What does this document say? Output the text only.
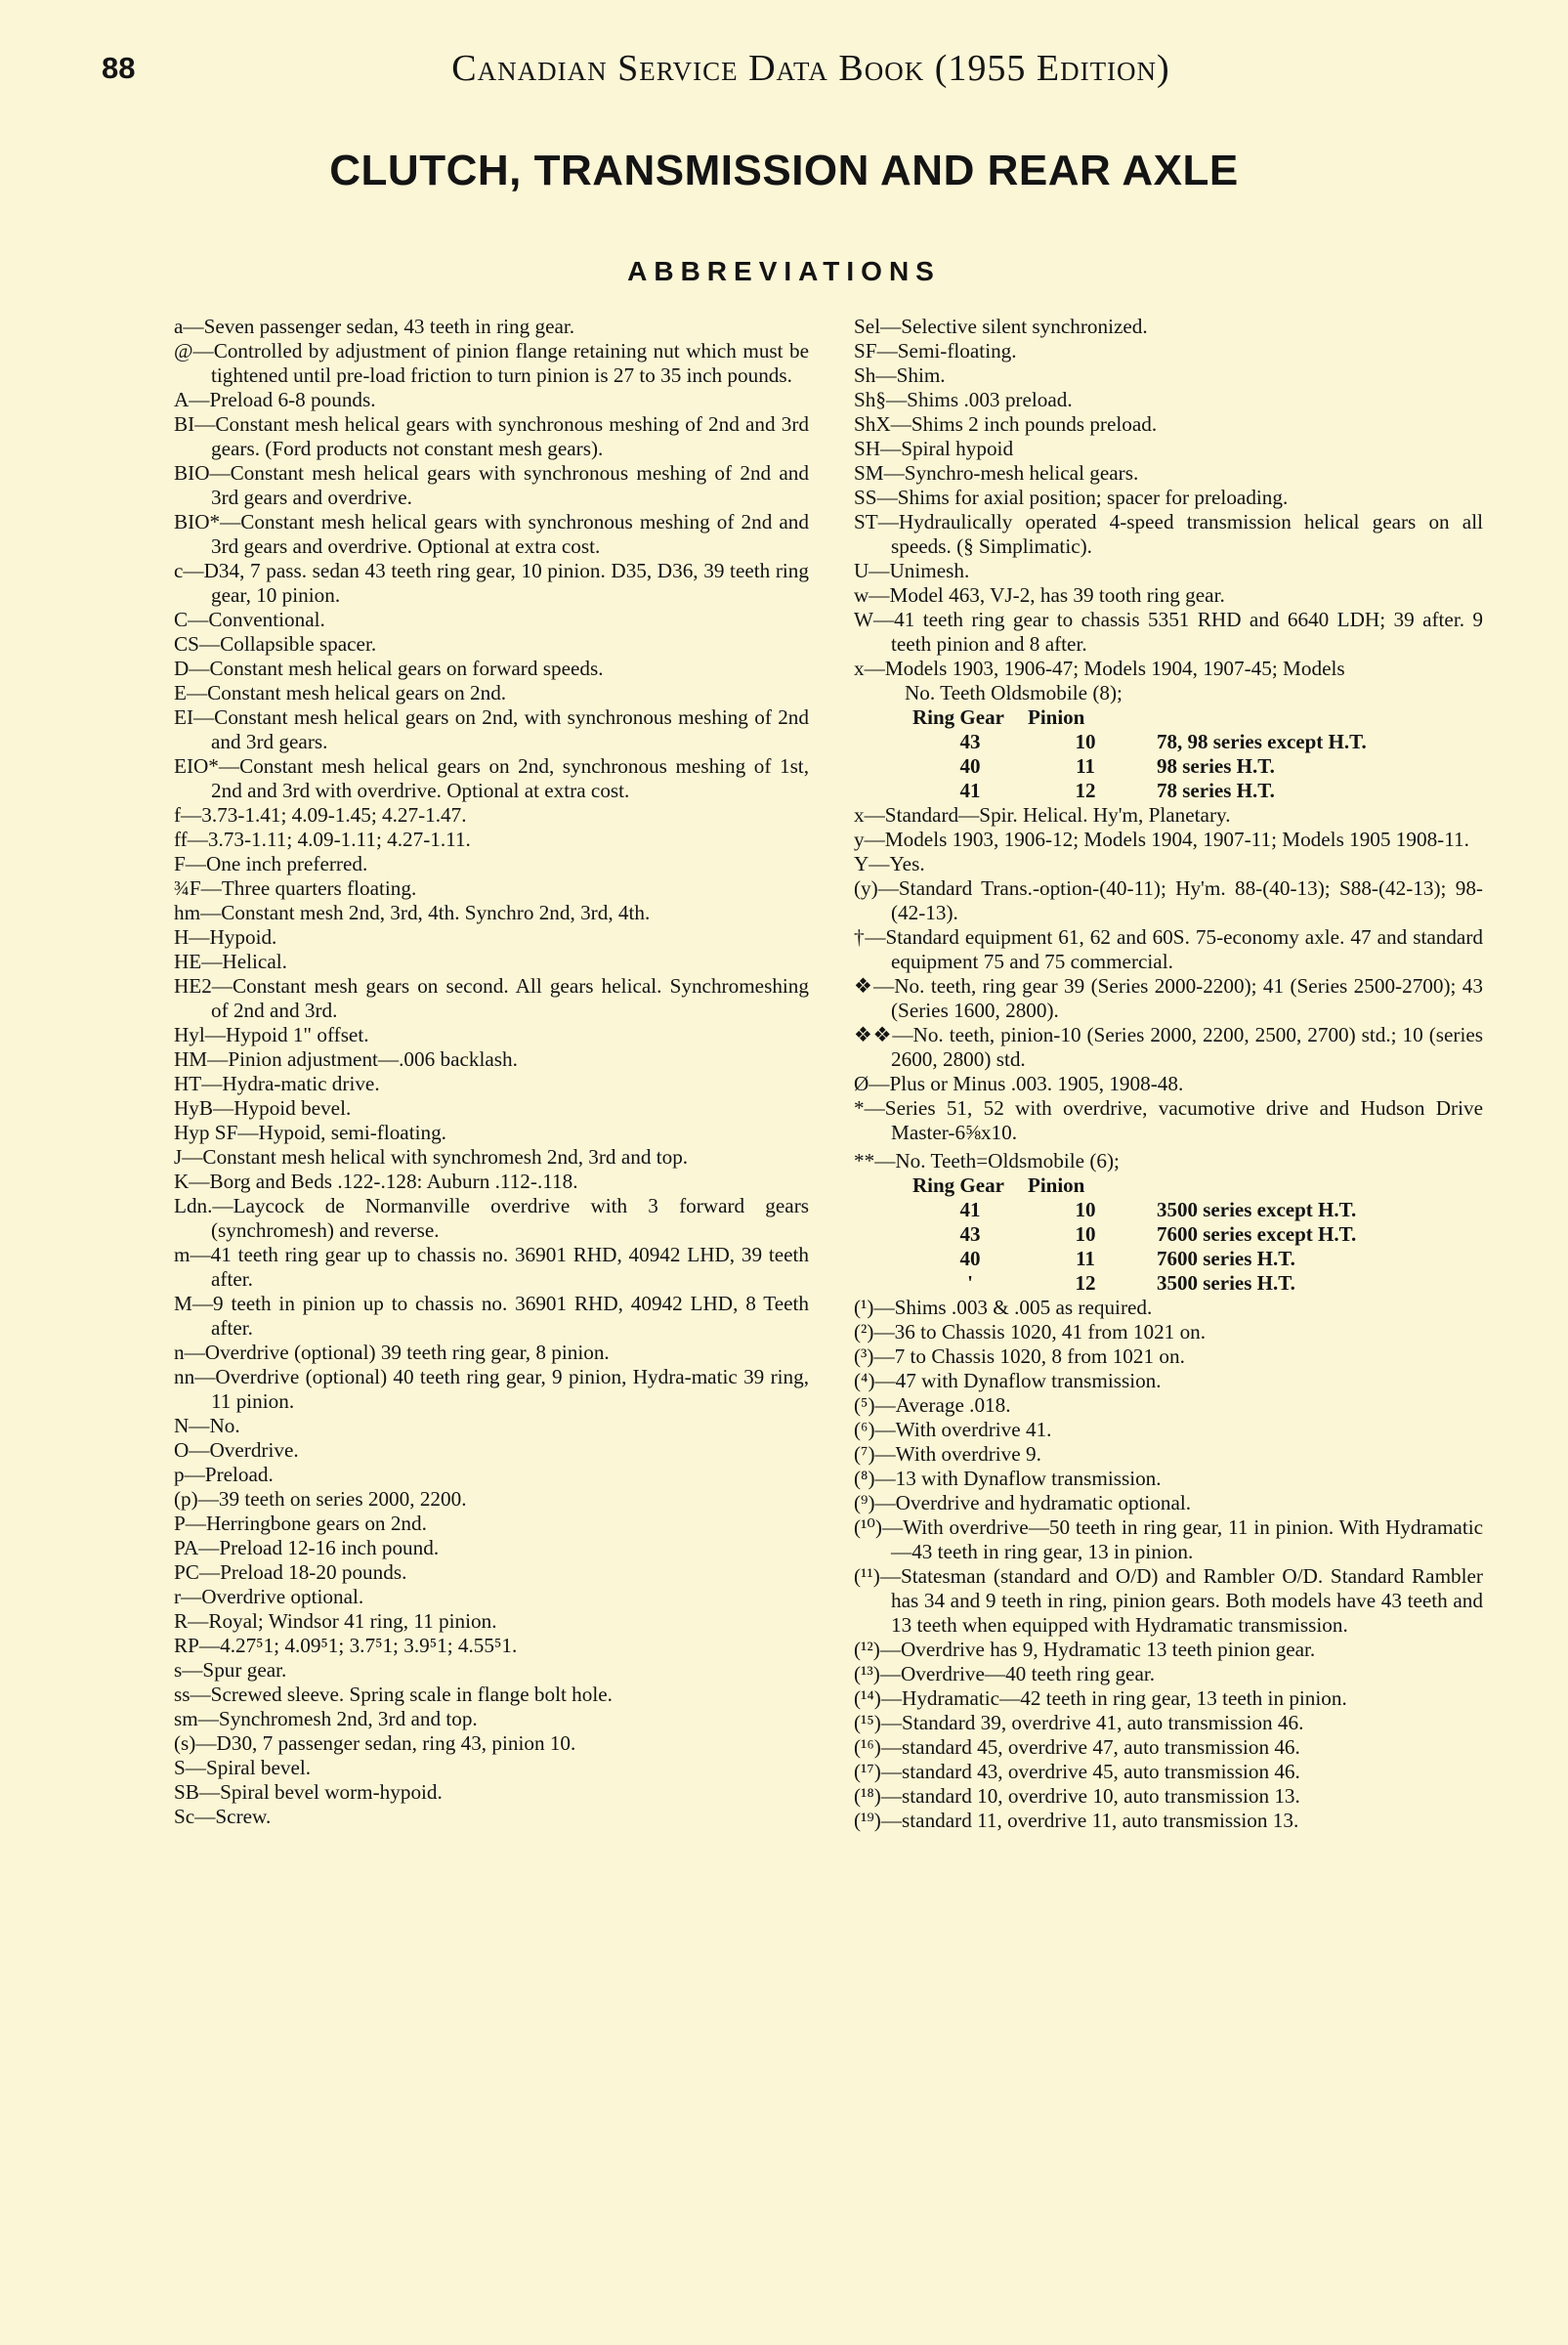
88	Canadian Service Data Book (1955 Edition)
CLUTCH, TRANSMISSION AND REAR AXLE
ABBREVIATIONS

a—Seven passenger sedan, 43 teeth in ring gear.

@—Controlled by adjustment of pinion flange retaining nut which must be tightened until pre-load friction to turn pinion is 27 to 35 inch pounds.

A—Preload 6-8 pounds.

BI—Constant mesh helical gears with synchronous meshing of 2nd and 3rd gears. (Ford products not constant mesh gears).

BIO—Constant mesh helical gears with synchronous meshing of 2nd and 3rd gears and overdrive.

BIO*—Constant mesh helical gears with synchronous meshing of 2nd and 3rd gears and overdrive. Optional at extra cost.

c—D34, 7 pass. sedan 43 teeth ring gear, 10 pinion. D35, D36, 39 teeth ring gear, 10 pinion.

C—Conventional.

CS—Collapsible spacer.

D—Constant mesh helical gears on forward speeds.

E—Constant mesh helical gears on 2nd.

EI—Constant mesh helical gears on 2nd, with synchronous meshing of 2nd and 3rd gears.

EIO*—Constant mesh helical gears on 2nd, synchronous meshing of 1st, 2nd and 3rd with overdrive. Optional at extra cost.

f—3.73-1.41; 4.09-1.45; 4.27-1.47.

ff—3.73-1.11; 4.09-1.11; 4.27-1.11.

F—One inch preferred.

¾F—Three quarters floating.

hm—Constant mesh 2nd, 3rd, 4th. Synchro 2nd, 3rd, 4th.

H—Hypoid.

HE—Helical.

HE2—Constant mesh gears on second. All gears helical. Synchromeshing of 2nd and 3rd.

Hyl—Hypoid 1" offset.

HM—Pinion adjustment—.006 backlash.

HT—Hydra-matic drive.

HyB—Hypoid bevel.

Hyp SF—Hypoid, semi-floating.

J—Constant mesh helical with synchromesh 2nd, 3rd and top.

K—Borg and Beds .122-.128: Auburn .112-.118.

Ldn.—Laycock de Normanville overdrive with 3 forward gears (synchromesh) and reverse.

m—41 teeth ring gear up to chassis no. 36901 RHD, 40942 LHD, 39 teeth after.

M—9 teeth in pinion up to chassis no. 36901 RHD, 40942 LHD, 8 Teeth after.

n—Overdrive (optional) 39 teeth ring gear, 8 pinion.

nn—Overdrive (optional) 40 teeth ring gear, 9 pinion, Hydra-matic 39 ring, 11 pinion.

N—No.

O—Overdrive.

p—Preload.

(p)—39 teeth on series 2000, 2200.

P—Herringbone gears on 2nd.

PA—Preload 12-16 inch pound.

PC—Preload 18-20 pounds.

r—Overdrive optional.

R—Royal; Windsor 41 ring, 11 pinion.

RP—4.27⁵1; 4.09⁵1; 3.7⁵1; 3.9⁵1; 4.55⁵1.

s—Spur gear.

ss—Screwed sleeve. Spring scale in flange bolt hole.

sm—Synchromesh 2nd, 3rd and top.

(s)—D30, 7 passenger sedan, ring 43, pinion 10.

S—Spiral bevel.

SB—Spiral bevel worm-hypoid.

Sc—Screw.

Sel—Selective silent synchronized.

SF—Semi-floating.

Sh—Shim.

Sh§—Shims .003 preload.

ShX—Shims 2 inch pounds preload.

SH—Spiral hypoid

SM—Synchro-mesh helical gears.

SS—Shims for axial position; spacer for preloading.

ST—Hydraulically operated 4-speed transmission helical gears on all speeds. (§ Simplimatic).

U—Unimesh.

w—Model 463, VJ-2, has 39 tooth ring gear.

W—41 teeth ring gear to chassis 5351 RHD and 6640 LDH; 39 after. 9 teeth pinion and 8 after.

x—Models 1903, 1906-47; Models 1904, 1907-45; Models

No. Teeth Oldsmobile (8);

Ring Gear	Pinion	
43	10	78, 98 series except H.T.
40	11	98 series H.T.
41	12	78 series H.T.

x—Standard—Spir. Helical. Hy'm, Planetary.

y—Models 1903, 1906-12; Models 1904, 1907-11; Models 1905 1908-11.

Y—Yes.

(y)—Standard Trans.-option-(40-11); Hy'm. 88-(40-13); S88-(42-13); 98-(42-13).

†—Standard equipment 61, 62 and 60S. 75-economy axle. 47 and standard equipment 75 and 75 commercial.

❖—No. teeth, ring gear 39 (Series 2000-2200); 41 (Series 2500-2700); 43 (Series 1600, 2800).

❖❖—No. teeth, pinion-10 (Series 2000, 2200, 2500, 2700) std.; 10 (series 2600, 2800) std.

Ø—Plus or Minus .003. 1905, 1908-48.

*—Series 51, 52 with overdrive, vacumotive drive and Hudson Drive Master-6⅝x10.

**—No. Teeth=Oldsmobile (6);

Ring Gear	Pinion	
41	10	3500 series except H.T.
43	10	7600 series except H.T.
40	11	7600 series H.T.
'	12	3500 series H.T.

(¹)—Shims .003 & .005 as required.

(²)—36 to Chassis 1020, 41 from 1021 on.

(³)—7 to Chassis 1020, 8 from 1021 on.

(⁴)—47 with Dynaflow transmission.

(⁵)—Average .018.

(⁶)—With overdrive 41.

(⁷)—With overdrive 9.

(⁸)—13 with Dynaflow transmission.

(⁹)—Overdrive and hydramatic optional.

(¹⁰)—With overdrive—50 teeth in ring gear, 11 in pinion. With Hydramatic—43 teeth in ring gear, 13 in pinion.

(¹¹)—Statesman (standard and O/D) and Rambler O/D. Standard Rambler has 34 and 9 teeth in ring, pinion gears. Both models have 43 teeth and 13 teeth when equipped with Hydramatic transmission.

(¹²)—Overdrive has 9, Hydramatic 13 teeth pinion gear.

(¹³)—Overdrive—40 teeth ring gear.

(¹⁴)—Hydramatic—42 teeth in ring gear, 13 teeth in pinion.

(¹⁵)—Standard 39, overdrive 41, auto transmission 46.

(¹⁶)—standard 45, overdrive 47, auto transmission 46.

(¹⁷)—standard 43, overdrive 45, auto transmission 46.

(¹⁸)—standard 10, overdrive 10, auto transmission 13.

(¹⁹)—standard 11, overdrive 11, auto transmission 13.
